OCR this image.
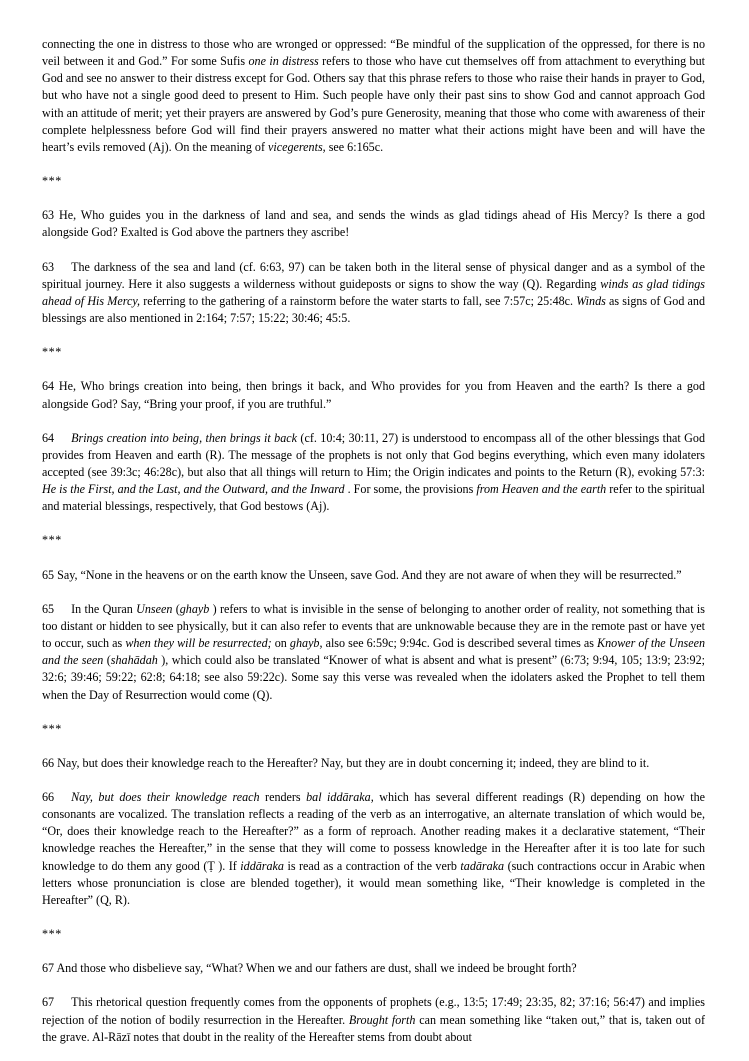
connecting the one in distress to those who are wronged or oppressed: “Be mindful of the supplication of the oppressed, for there is no veil between it and God.” For some Sufis one in distress refers to those who have cut themselves off from attachment to everything but God and see no answer to their distress except for God. Others say that this phrase refers to those who raise their hands in prayer to God, but who have not a single good deed to present to Him. Such people have only their past sins to show God and cannot approach God with an attitude of merit; yet their prayers are answered by God’s pure Generosity, meaning that those who come with awareness of their complete helplessness before God will find their prayers answered no matter what their actions might have been and will have the heart’s evils removed (Aj). On the meaning of vicegerents, see 6:165c.

***

63 He, Who guides you in the darkness of land and sea, and sends the winds as glad tidings ahead of His Mercy? Is there a god alongside God? Exalted is God above the partners they ascribe!

63 The darkness of the sea and land (cf. 6:63, 97) can be taken both in the literal sense of physical danger and as a symbol of the spiritual journey. Here it also suggests a wilderness without guideposts or signs to show the way (Q). Regarding winds as glad tidings ahead of His Mercy, referring to the gathering of a rainstorm before the water starts to fall, see 7:57c; 25:48c. Winds as signs of God and blessings are also mentioned in 2:164; 7:57; 15:22; 30:46; 45:5.

***

64 He, Who brings creation into being, then brings it back, and Who provides for you from Heaven and the earth? Is there a god alongside God? Say, “Bring your proof, if you are truthful.”

64 Brings creation into being, then brings it back (cf. 10:4; 30:11, 27) is understood to encompass all of the other blessings that God provides from Heaven and earth (R). The message of the prophets is not only that God begins everything, which even many idolaters accepted (see 39:3c; 46:28c), but also that all things will return to Him; the Origin indicates and points to the Return (R), evoking 57:3: He is the First, and the Last, and the Outward, and the Inward . For some, the provisions from Heaven and the earth refer to the spiritual and material blessings, respectively, that God bestows (Aj).

***

65 Say, “None in the heavens or on the earth know the Unseen, save God. And they are not aware of when they will be resurrected.”

65 In the Quran Unseen (ghayb ) refers to what is invisible in the sense of belonging to another order of reality, not something that is too distant or hidden to see physically, but it can also refer to events that are unknowable because they are in the remote past or have yet to occur, such as when they will be resurrected; on ghayb, also see 6:59c; 9:94c. God is described several times as Knower of the Unseen and the seen (shahādah ), which could also be translated “Knower of what is absent and what is present” (6:73; 9:94, 105; 13:9; 23:92; 32:6; 39:46; 59:22; 62:8; 64:18; see also 59:22c). Some say this verse was revealed when the idolaters asked the Prophet to tell them when the Day of Resurrection would come (Q).

***

66 Nay, but does their knowledge reach to the Hereafter? Nay, but they are in doubt concerning it; indeed, they are blind to it.

66 Nay, but does their knowledge reach renders bal iddāraka, which has several different readings (R) depending on how the consonants are vocalized. The translation reflects a reading of the verb as an interrogative, an alternate translation of which would be, “Or, does their knowledge reach to the Hereafter?” as a form of reproach. Another reading makes it a declarative statement, “Their knowledge reaches the Hereafter,” in the sense that they will come to possess knowledge in the Hereafter after it is too late for such knowledge to do them any good (Ṭ ). If iddāraka is read as a contraction of the verb tadāraka (such contractions occur in Arabic when letters whose pronunciation is close are blended together), it would mean something like, “Their knowledge is completed in the Hereafter” (Q, R).

***

67 And those who disbelieve say, “What? When we and our fathers are dust, shall we indeed be brought forth?

67 This rhetorical question frequently comes from the opponents of prophets (e.g., 13:5; 17:49; 23:35, 82; 37:16; 56:47) and implies rejection of the notion of bodily resurrection in the Hereafter. Brought forth can mean something like “taken out,” that is, taken out of the grave. Al-Rāzī notes that doubt in the reality of the Hereafter stems from doubt about
